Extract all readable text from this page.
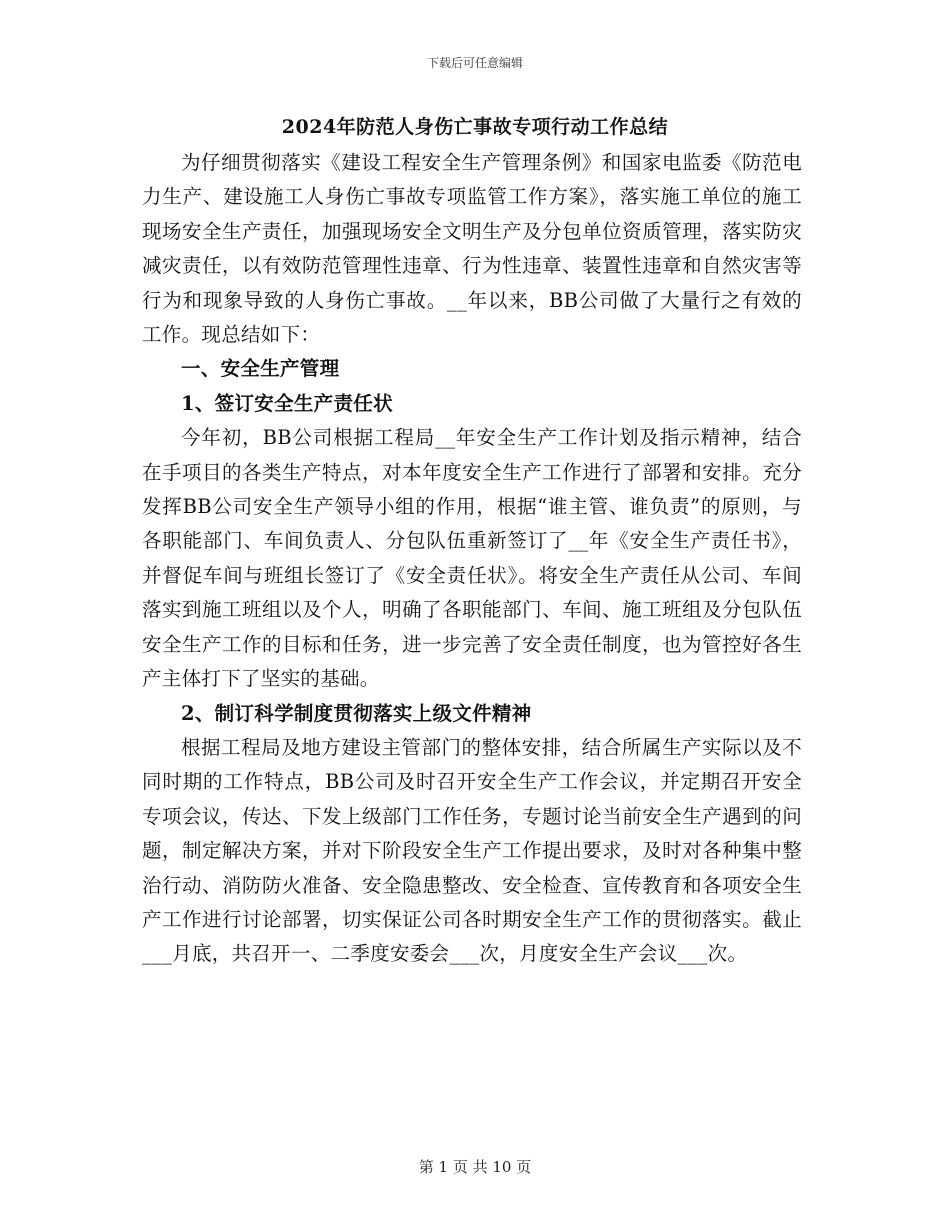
下载后可任意编辑
2024年防范人身伤亡事故专项行动工作总结

为仔细贯彻落实《建设工程安全生产管理条例》和国家电监委《防范电力生产、建设施工人身伤亡事故专项监管工作方案》，落实施工单位的施工现场安全生产责任，加强现场安全文明生产及分包单位资质管理，落实防灾减灾责任，以有效防范管理性违章、行为性违章、装置性违章和自然灾害等行为和现象导致的人身伤亡事故。__年以来，BB公司做了大量行之有效的工作。现总结如下：

一、安全生产管理
1、签订安全生产责任状

今年初，BB公司根据工程局__年安全生产工作计划及指示精神，结合在手项目的各类生产特点，对本年度安全生产工作进行了部署和安排。充分发挥BB公司安全生产领导小组的作用，根据“谁主管、谁负责”的原则，与各职能部门、车间负责人、分包队伍重新签订了__年《安全生产责任书》，并督促车间与班组长签订了《安全责任状》。将安全生产责任从公司、车间落实到施工班组以及个人，明确了各职能部门、车间、施工班组及分包队伍安全生产工作的目标和任务，进一步完善了安全责任制度，也为管控好各生产主体打下了坚实的基础。

2、制订科学制度贯彻落实上级文件精神

根据工程局及地方建设主管部门的整体安排，结合所属生产实际以及不同时期的工作特点，BB公司及时召开安全生产工作会议，并定期召开安全专项会议，传达、下发上级部门工作任务，专题讨论当前安全生产遇到的问题，制定解决方案，并对下阶段安全生产工作提出要求，及时对各种集中整治行动、消防防火准备、安全隐患整改、安全检查、宣传教育和各项安全生产工作进行讨论部署，切实保证公司各时期安全生产工作的贯彻落实。截止___月底，共召开一、二季度安委会___次，月度安全生产会议___次。

第 1 页 共 10 页
